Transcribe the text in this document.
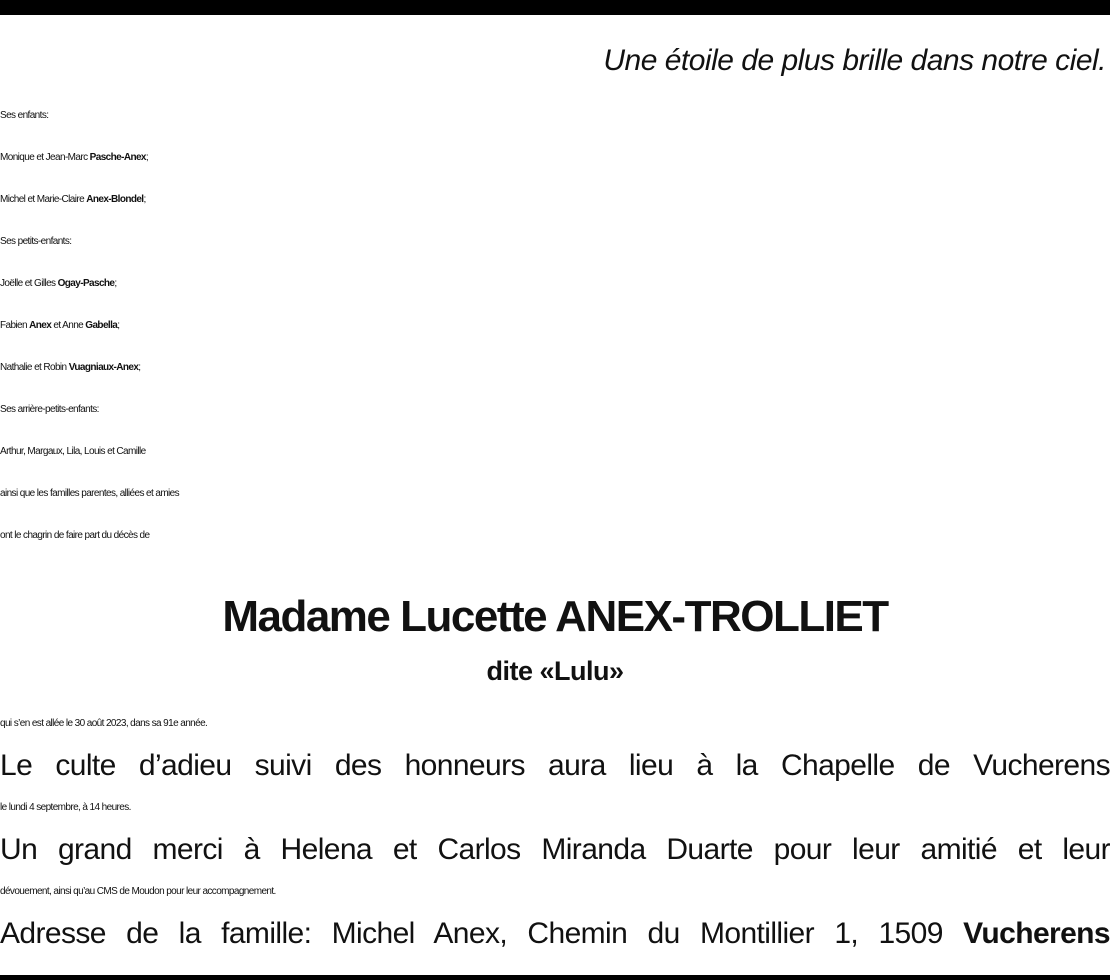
Une étoile de plus brille dans notre ciel.
Ses enfants:
Monique et Jean-Marc Pasche-Anex;
Michel et Marie-Claire Anex-Blondel;
Ses petits-enfants:
Joëlle et Gilles Ogay-Pasche;
Fabien Anex et Anne Gabella;
Nathalie et Robin Vuagniaux-Anex;
Ses arrière-petits-enfants:
Arthur, Margaux, Lila, Louis et Camille
ainsi que les familles parentes, alliées et amies
ont le chagrin de faire part du décès de
Madame Lucette ANEX-TROLLIET
dite «Lulu»
qui s’en est allée le 30 août 2023, dans sa 91e année.
Le culte d’adieu suivi des honneurs aura lieu à la Chapelle de Vucherens
le lundi 4 septembre, à 14 heures.
Un grand merci à Helena et Carlos Miranda Duarte pour leur amitié et leur
dévouement, ainsi qu’au CMS de Moudon pour leur accompagnement.
Adresse de la famille: Michel Anex, Chemin du Montillier 1, 1509 Vucherens
